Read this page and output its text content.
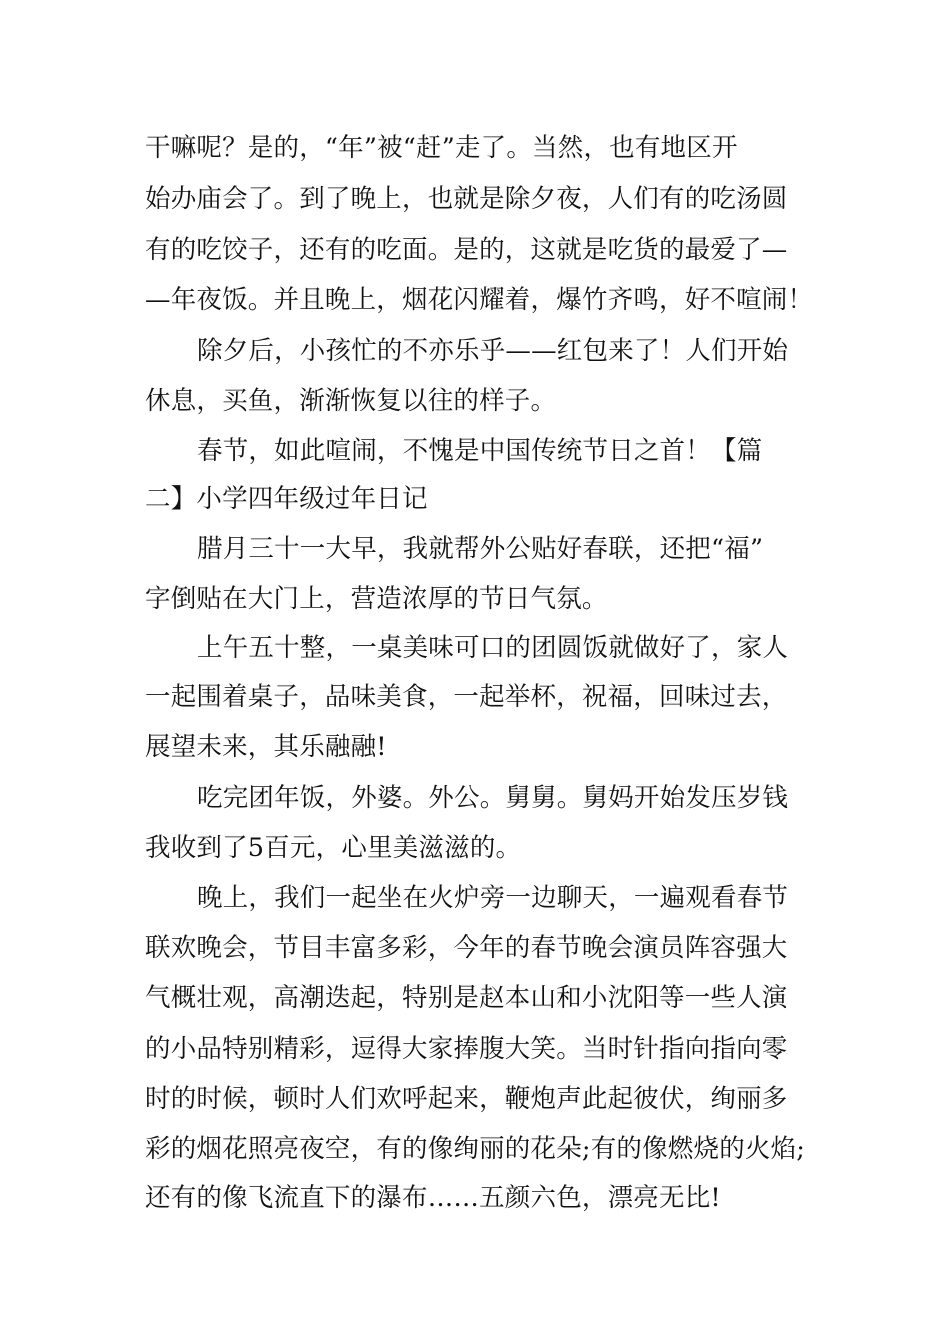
干嘛呢？是的，“年”被“赶”走了。当然，也有地区开
始办庙会了。到了晚上，也就是除夕夜，人们有的吃汤圆
有的吃饺子，还有的吃面。是的，这就是吃货的最爱了—
—年夜饭。并且晚上，烟花闪耀着，爆竹齐鸣，好不喧闹！
除夕后，小孩忙的不亦乐乎——红包来了！人们开始
休息，买鱼，渐渐恢复以往的样子。
春节，如此喧闹，不愧是中国传统节日之首！【篇
二】小学四年级过年日记
腊月三十一大早，我就帮外公贴好春联，还把“福”
字倒贴在大门上，营造浓厚的节日气氛。
上午五十整，一桌美味可口的团圆饭就做好了，家人
一起围着桌子，品味美食，一起举杯，祝福，回味过去，
展望未来，其乐融融!
吃完团年饭，外婆。外公。舅舅。舅妈开始发压岁钱
我收到了5百元，心里美滋滋的。
晚上，我们一起坐在火炉旁一边聊天，一遍观看春节
联欢晚会，节目丰富多彩，今年的春节晚会演员阵容强大
气概壮观，高潮迭起，特别是赵本山和小沈阳等一些人演
的小品特别精彩，逗得大家捧腹大笑。当时针指向指向零
时的时候，顿时人们欢呼起来，鞭炮声此起彼伏，绚丽多
彩的烟花照亮夜空，有的像绚丽的花朵;有的像燃烧的火焰;
还有的像飞流直下的瀑布……五颜六色，漂亮无比!
